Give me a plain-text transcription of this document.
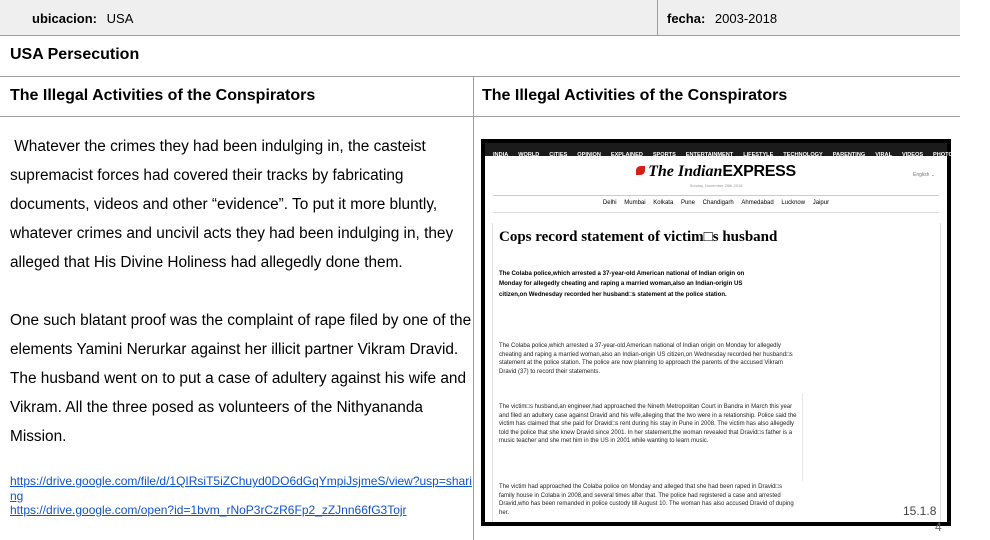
ubicacion: USA	fecha: 2003-2018
USA Persecution
The Illegal Activities of the Conspirators	The Illegal Activities of the Conspirators

Whatever the crimes they had been indulging in, the casteist supremacist forces had covered their tracks by fabricating documents, videos and other “evidence”. To put it more bluntly, whatever crimes and uncivil acts they had been indulging in, they alleged that His Divine Holiness had allegedly done them.

One such blatant proof was the complaint of rape filed by one of the elements Yamini Nerurkar against her illicit partner Vikram Dravid. The husband went on to put a case of adultery against his wife and Vikram. All the three posed as volunteers of the Nithyananda Mission.

https://drive.google.com/file/d/1QIRsiT5iZChuyd0DO6dGqYmpiJsjmeS/view?usp=sharing
https://drive.google.com/open?id=1bvm_rNoP3rCzR6Fp2_zZJnn66fG3Tojr
INDIA WORLD CITIES OPINION EXPLAINED SPORTS ENTERTAINMENT LIFESTYLE TECHNOLOGY PARENTING VIRAL VIDEOS PHOTOS AUDIO
The IndianEXPRESS	English ⌄
Sunday, November 25th 2018
Delhi Mumbai Kolkata Pune Chandigarh Ahmedabad Lucknow Jaipur
Cops record statement of victim□s husband
The Colaba police,which arrested a 37-year-old American national of Indian origin on Monday for allegedly cheating and raping a married woman,also an Indian-origin US citizen,on Wednesday recorded her husband□s statement at the police station.
The Colaba police,which arrested a 37-year-old American national of Indian origin on Monday for allegedly cheating and raping a married woman,also an Indian-origin US citizen,on Wednesday recorded her husband□s statement at the police station. The police are now planning to approach the parents of the accused Vikram Dravid (37) to record their statements.
The victim□s husband,an engineer,had approached the Nineth Metropolitan Court in Bandra in March this year and filed an adultery case against Dravid and his wife,alleging that the two were in a relationship. Police said the victim has claimed that she paid for Dravid□s rent during his stay in Pune in 2008. The victim has also allegedly told the police that she knew Dravid since 2001. In her statement,the woman revealed that Dravid□s father is a music teacher and she met him in the US in 2001 while wanting to learn music.
The victim had approached the Colaba police on Monday and alleged that she had been raped in Dravid□s family house in Colaba in 2008,and several times after that. The police had registered a case and arrested Dravid,who has been remanded in police custody till August 10. The woman has also accused Dravid of duping her.	15.1.8
4
